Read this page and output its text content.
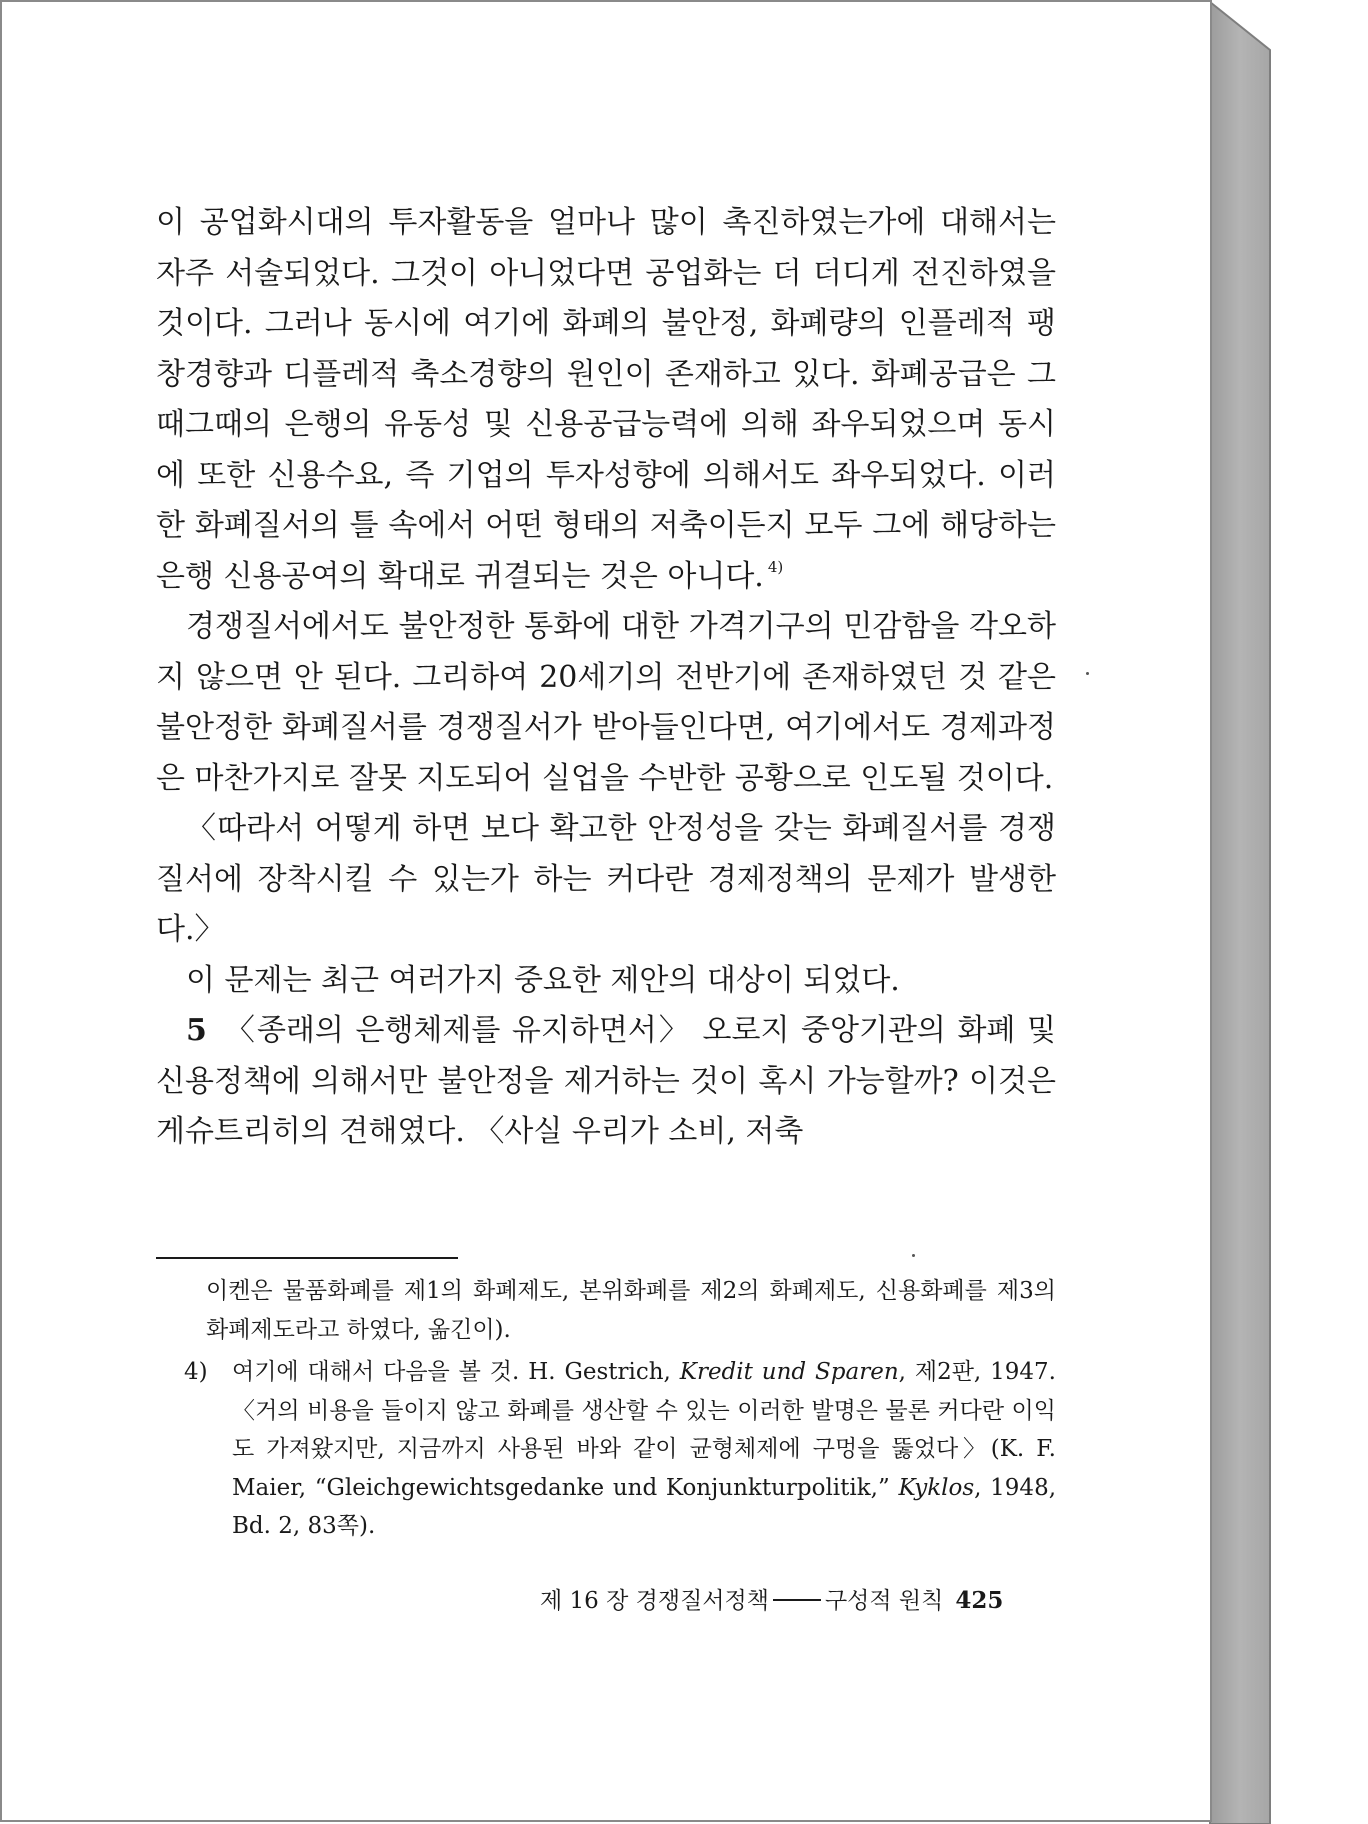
이 공업화시대의 투자활동을 얼마나 많이 촉진하였는가에 대해서는 자주 서술되었다. 그것이 아니었다면 공업화는 더 더디게 전진하였을 것이다. 그러나 동시에 여기에 화폐의 불안정, 화폐량의 인플레적 팽창경향과 디플레적 축소경향의 원인이 존재하고 있다. 화폐공급은 그때그때의 은행의 유동성 및 신용공급능력에 의해 좌우되었으며 동시에 또한 신용수요, 즉 기업의 투자성향에 의해서도 좌우되었다. 이러한 화폐질서의 틀 속에서 어떤 형태의 저축이든지 모두 그에 해당하는 은행 신용공여의 확대로 귀결되는 것은 아니다. $^{4)}$

경쟁질서에서도 불안정한 통화에 대한 가격기구의 민감함을 각오하지 않으면 안 된다. 그리하여 20세기의 전반기에 존재하였던 것 같은 불안정한 화폐질서를 경쟁질서가 받아들인다면, 여기에서도 경제과정은 마찬가지로 잘못 지도되어 실업을 수반한 공황으로 인도될 것이다.

〈따라서 어떻게 하면 보다 확고한 안정성을 갖는 화폐질서를 경쟁질서에 장착시킬 수 있는가 하는 커다란 경제정책의 문제가 발생한다.〉

이 문제는 최근 여러가지 중요한 제안의 대상이 되었다.

5 〈종래의 은행체제를 유지하면서〉 오로지 중앙기관의 화폐 및 신용정책에 의해서만 불안정을 제거하는 것이 혹시 가능할까? 이것은 게슈트리히의 견해였다. 〈사실 우리가 소비, 저축

이켄은 물품화폐를 제1의 화폐제도, 본위화폐를 제2의 화폐제도, 신용화폐를 제3의 화폐제도라고 하였다, 옮긴이).

4)	여기에 대해서 다음을 볼 것. H. Gestrich, Kredit und Sparen, 제2판, 1947. 〈거의 비용을 들이지 않고 화폐를 생산할 수 있는 이러한 발명은 물론 커다란 이익도 가져왔지만, 지금까지 사용된 바와 같이 균형체제에 구멍을 뚫었다〉(K. F. Maier, “Gleichgewichtsgedanke und Konjunkturpolitik,” Kyklos, 1948, Bd. 2, 83쪽).

제 16 장 경쟁질서정책 구성적 원칙 425
